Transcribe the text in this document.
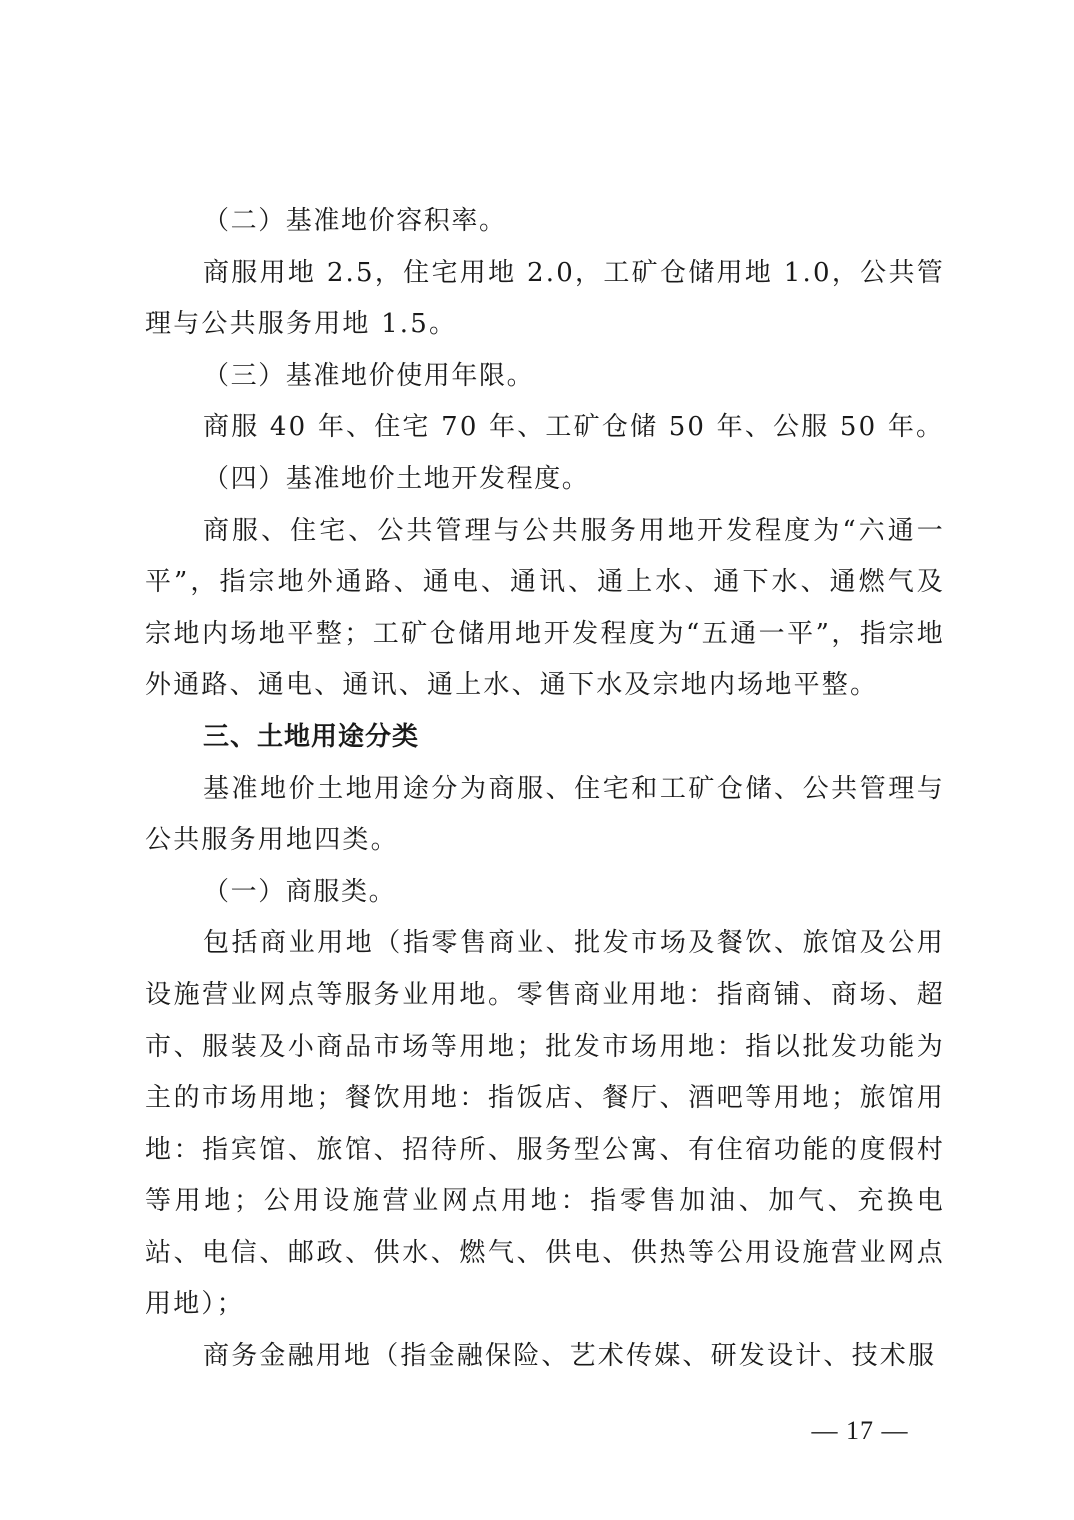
（二）基准地价容积率。

商服用地 2.5，住宅用地 2.0，工矿仓储用地 1.0，公共管理与公共服务用地 1.5。

（三）基准地价使用年限。

商服 40 年、住宅 70 年、工矿仓储 50 年、公服 50 年。

（四）基准地价土地开发程度。

商服、住宅、公共管理与公共服务用地开发程度为“六通一平”，指宗地外通路、通电、通讯、通上水、通下水、通燃气及宗地内场地平整；工矿仓储用地开发程度为“五通一平”，指宗地外通路、通电、通讯、通上水、通下水及宗地内场地平整。

三、土地用途分类

基准地价土地用途分为商服、住宅和工矿仓储、公共管理与公共服务用地四类。

（一）商服类。

包括商业用地（指零售商业、批发市场及餐饮、旅馆及公用设施营业网点等服务业用地。零售商业用地：指商铺、商场、超市、服装及小商品市场等用地；批发市场用地：指以批发功能为主的市场用地；餐饮用地：指饭店、餐厅、酒吧等用地；旅馆用地：指宾馆、旅馆、招待所、服务型公寓、有住宿功能的度假村等用地；公用设施营业网点用地：指零售加油、加气、充换电站、电信、邮政、供水、燃气、供电、供热等公用设施营业网点用地）；

商务金融用地（指金融保险、艺术传媒、研发设计、技术服

— 17 —
